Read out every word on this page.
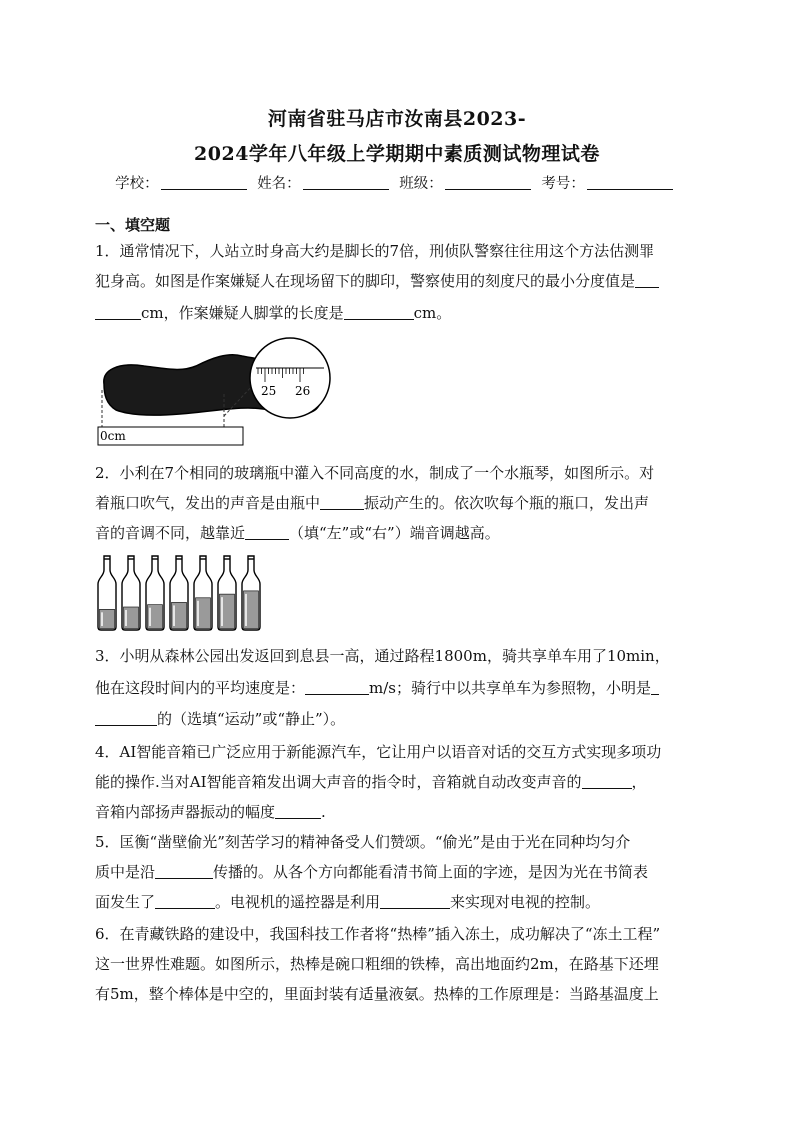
河南省驻马店市汝南县2023-
2024学年八年级上学期期中素质测试物理试卷
学校：	姓名：	班级：	考号：
一、填空题
1．通常情况下，人站立时身高大约是脚长的7倍，刑侦队警察往往用这个方法估测罪
犯身高。如图是作案嫌疑人在现场留下的脚印，警察使用的刻度尺的最小分度值是
cm，作案嫌疑人脚掌的长度是	cm。
0cm
25 26
2．小利在7个相同的玻璃瓶中灌入不同高度的水，制成了一个水瓶琴，如图所示。对
着瓶口吹气，发出的声音是由瓶中	振动产生的。依次吹每个瓶的瓶口，发出声
音的音调不同，越靠近	（填“左”或“右”）端音调越高。
3．小明从森林公园出发返回到息县一高，通过路程1800m，骑共享单车用了10min，
他在这段时间内的平均速度是：	m/s；骑行中以共享单车为参照物，小明是
的（选填“运动”或“静止”）。
4．AI智能音箱已广泛应用于新能源汽车，它让用户以语音对话的交互方式实现多项功
能的操作.当对AI智能音箱发出调大声音的指令时，音箱就自动改变声音的	，
音箱内部扬声器振动的幅度	.
5．匡衡“凿壁偷光”刻苦学习的精神备受人们赞颂。“偷光”是由于光在同种均匀介
质中是沿	传播的。从各个方向都能看清书简上面的字迹，是因为光在书简表
面发生了	。电视机的遥控器是利用	来实现对电视的控制。
6．在青藏铁路的建设中，我国科技工作者将“热棒”插入冻土，成功解决了“冻土工程”
这一世界性难题。如图所示，热棒是碗口粗细的铁棒，高出地面约2m，在路基下还埋
有5m，整个棒体是中空的，里面封装有适量液氨。热棒的工作原理是：当路基温度上
